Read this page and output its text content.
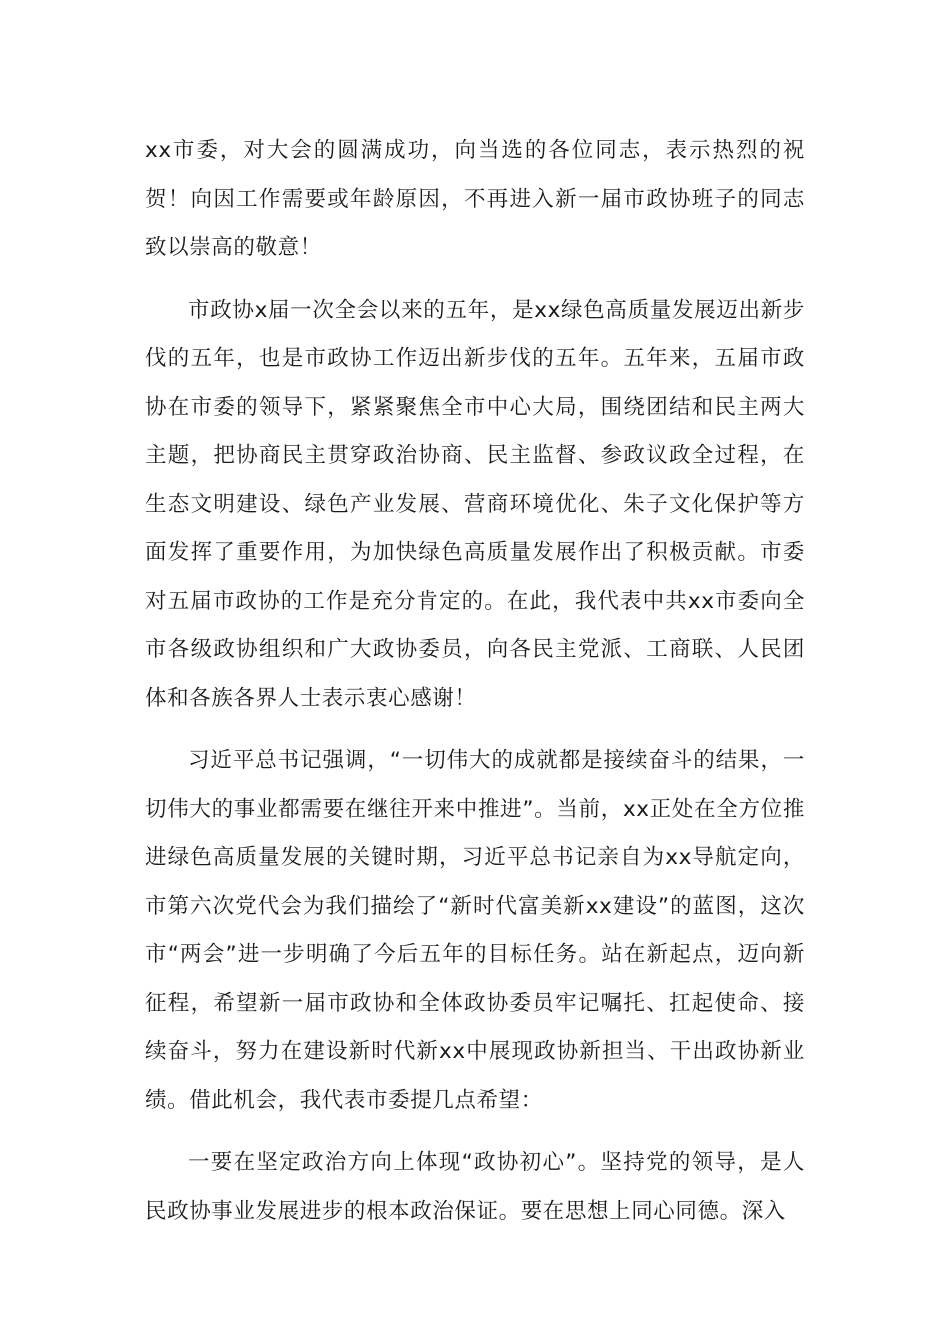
xx市委，对大会的圆满成功，向当选的各位同志，表示热烈的祝贺！向因工作需要或年龄原因，不再进入新一届市政协班子的同志致以崇高的敬意！

市政协x届一次全会以来的五年，是xx绿色高质量发展迈出新步伐的五年，也是市政协工作迈出新步伐的五年。五年来，五届市政协在市委的领导下，紧紧聚焦全市中心大局，围绕团结和民主两大主题，把协商民主贯穿政治协商、民主监督、参政议政全过程，在生态文明建设、绿色产业发展、营商环境优化、朱子文化保护等方面发挥了重要作用，为加快绿色高质量发展作出了积极贡献。市委对五届市政协的工作是充分肯定的。在此，我代表中共xx市委向全市各级政协组织和广大政协委员，向各民主党派、工商联、人民团体和各族各界人士表示衷心感谢！

习近平总书记强调，“一切伟大的成就都是接续奋斗的结果，一切伟大的事业都需要在继往开来中推进”。当前，xx正处在全方位推进绿色高质量发展的关键时期，习近平总书记亲自为xx导航定向，市第六次党代会为我们描绘了“新时代富美新xx建设”的蓝图，这次市“两会”进一步明确了今后五年的目标任务。站在新起点，迈向新征程，希望新一届市政协和全体政协委员牢记嘱托、扛起使命、接续奋斗，努力在建设新时代新xx中展现政协新担当、干出政协新业绩。借此机会，我代表市委提几点希望：

一要在坚定政治方向上体现“政协初心”。坚持党的领导，是人民政协事业发展进步的根本政治保证。要在思想上同心同德。深入
